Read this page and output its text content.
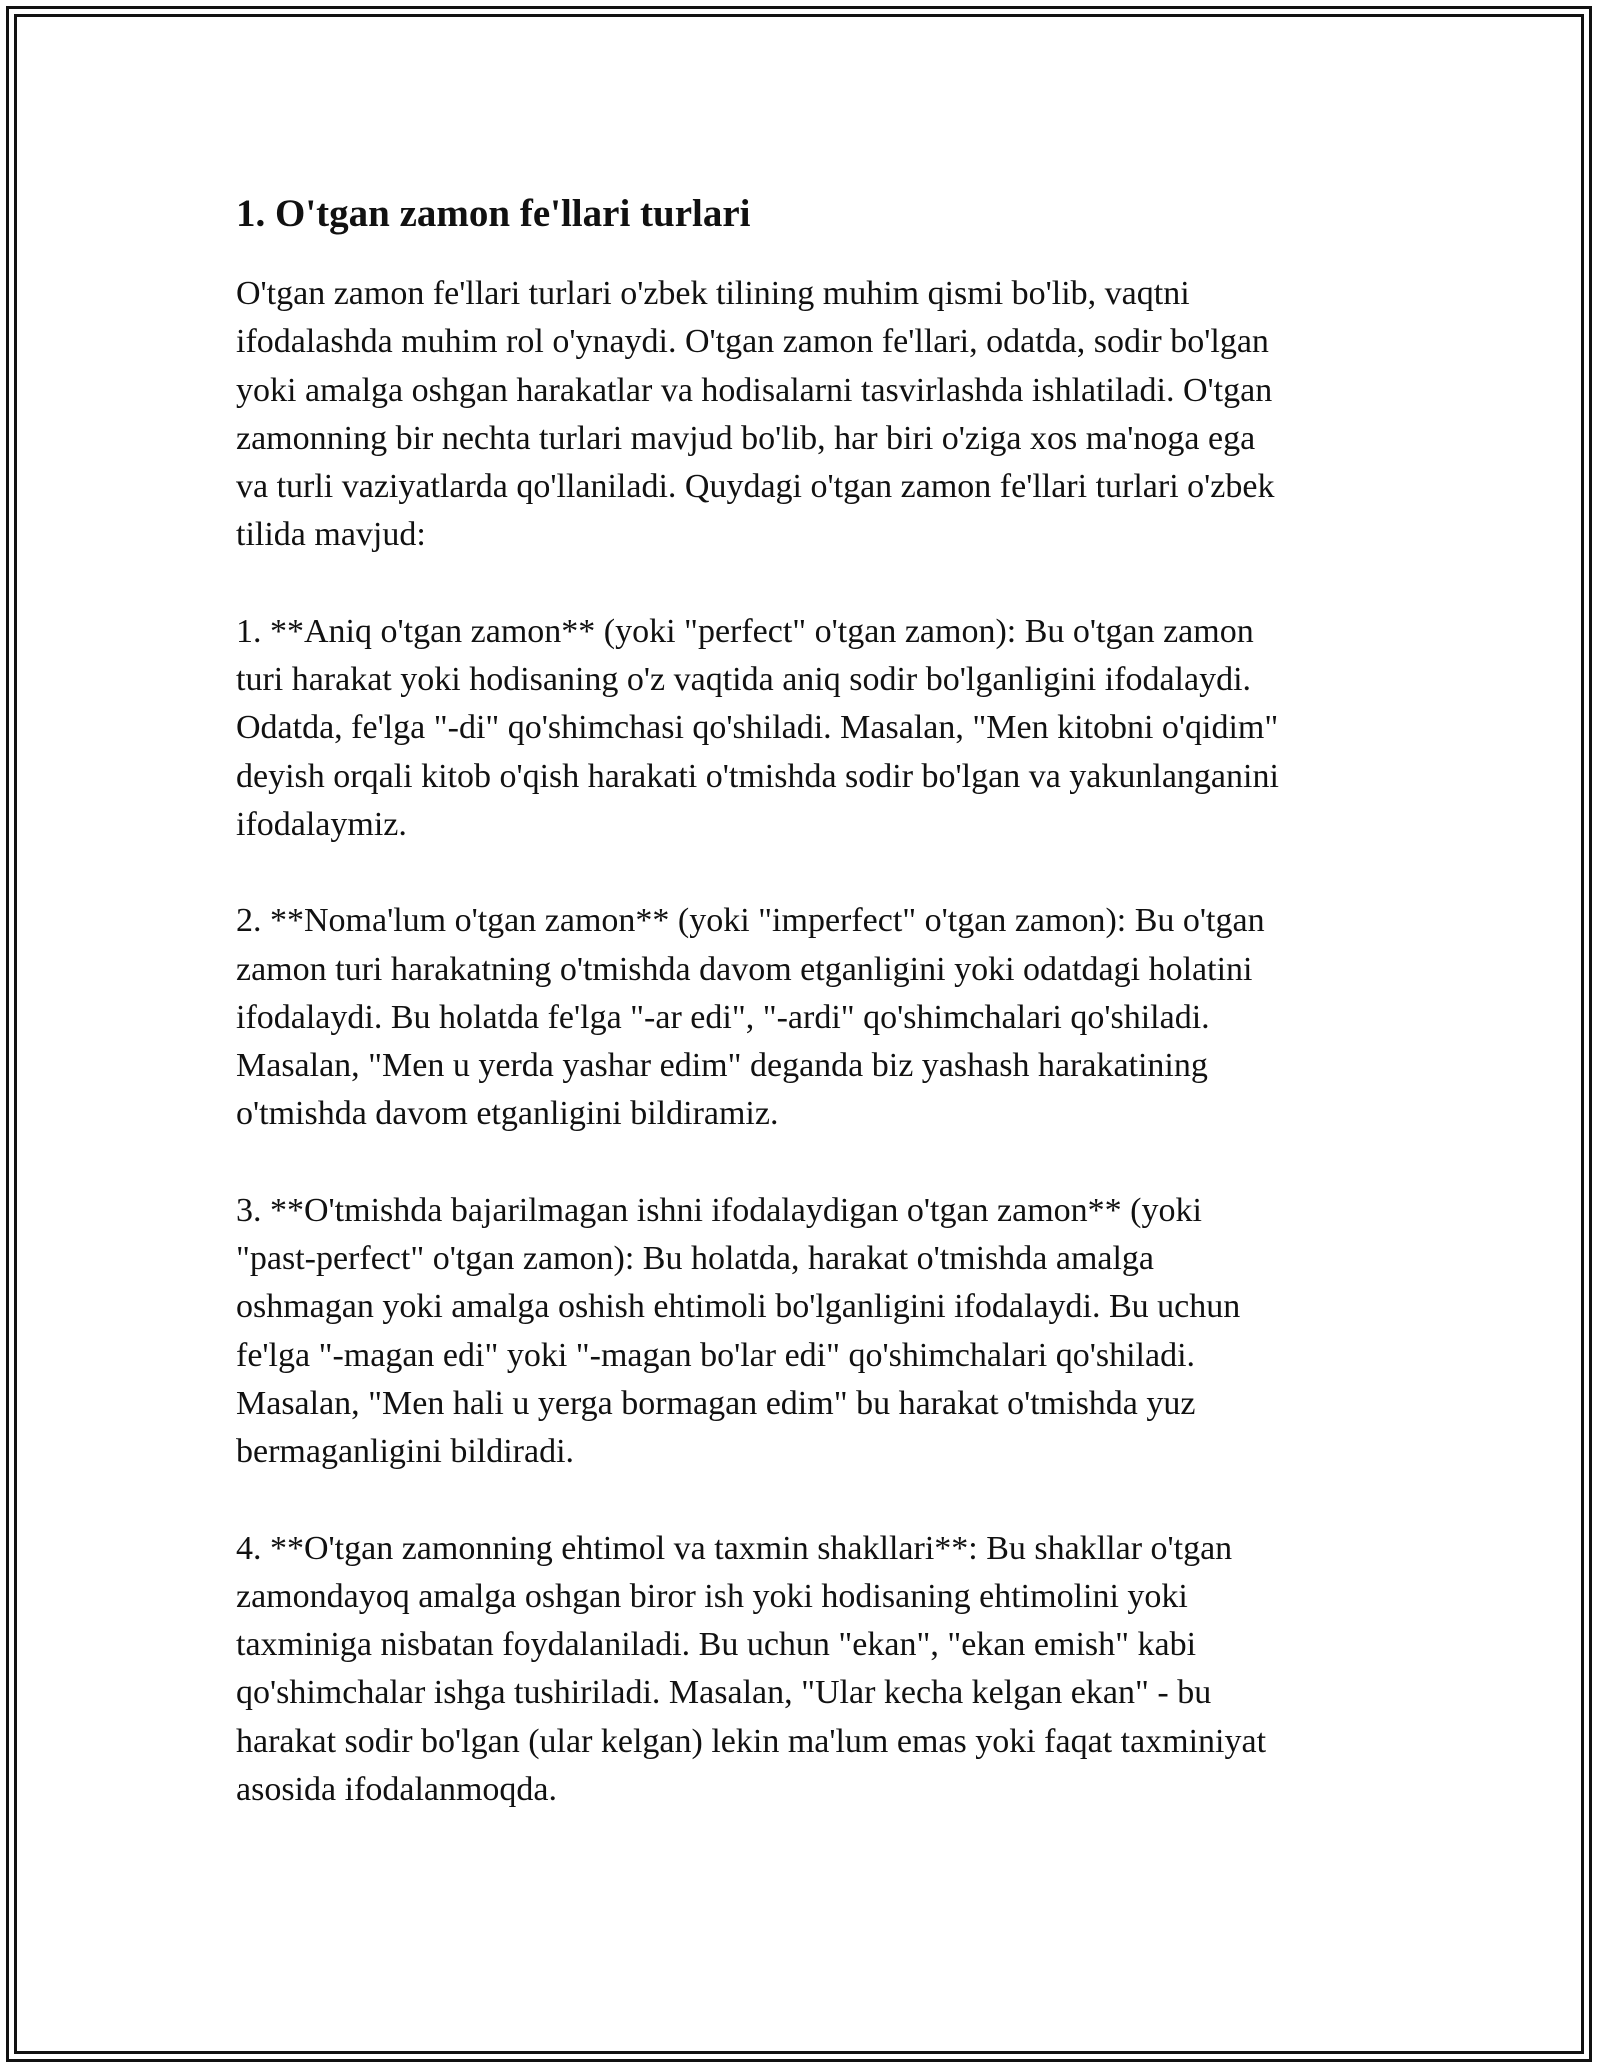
1. O'tgan zamon fe'llari turlari

O'tgan zamon fe'llari turlari o'zbek tilining muhim qismi bo'lib, vaqtni
ifodalashda muhim rol o'ynaydi. O'tgan zamon fe'llari, odatda, sodir bo'lgan
yoki amalga oshgan harakatlar va hodisalarni tasvirlashda ishlatiladi. O'tgan
zamonning bir nechta turlari mavjud bo'lib, har biri o'ziga xos ma'noga ega
va turli vaziyatlarda qo'llaniladi. Quydagi o'tgan zamon fe'llari turlari o'zbek
tilida mavjud:

1. **Aniq o'tgan zamon** (yoki "perfect" o'tgan zamon): Bu o'tgan zamon
turi harakat yoki hodisaning o'z vaqtida aniq sodir bo'lganligini ifodalaydi.
Odatda, fe'lga "-di" qo'shimchasi qo'shiladi. Masalan, "Men kitobni o'qidim"
deyish orqali kitob o'qish harakati o'tmishda sodir bo'lgan va yakunlanganini
ifodalaymiz.

2. **Noma'lum o'tgan zamon** (yoki "imperfect" o'tgan zamon): Bu o'tgan
zamon turi harakatning o'tmishda davom etganligini yoki odatdagi holatini
ifodalaydi. Bu holatda fe'lga "-ar edi", "-ardi" qo'shimchalari qo'shiladi.
Masalan, "Men u yerda yashar edim" deganda biz yashash harakatining
o'tmishda davom etganligini bildiramiz.

3. **O'tmishda bajarilmagan ishni ifodalaydigan o'tgan zamon** (yoki
"past-perfect" o'tgan zamon): Bu holatda, harakat o'tmishda amalga
oshmagan yoki amalga oshish ehtimoli bo'lganligini ifodalaydi. Bu uchun
fe'lga "-magan edi" yoki "-magan bo'lar edi" qo'shimchalari qo'shiladi.
Masalan, "Men hali u yerga bormagan edim" bu harakat o'tmishda yuz
bermaganligini bildiradi.

4. **O'tgan zamonning ehtimol va taxmin shakllari**: Bu shakllar o'tgan
zamondayoq amalga oshgan biror ish yoki hodisaning ehtimolini yoki
taxminiga nisbatan foydalaniladi. Bu uchun "ekan", "ekan emish" kabi
qo'shimchalar ishga tushiriladi. Masalan, "Ular kecha kelgan ekan" - bu
harakat sodir bo'lgan (ular kelgan) lekin ma'lum emas yoki faqat taxminiyat
asosida ifodalanmoqda.
